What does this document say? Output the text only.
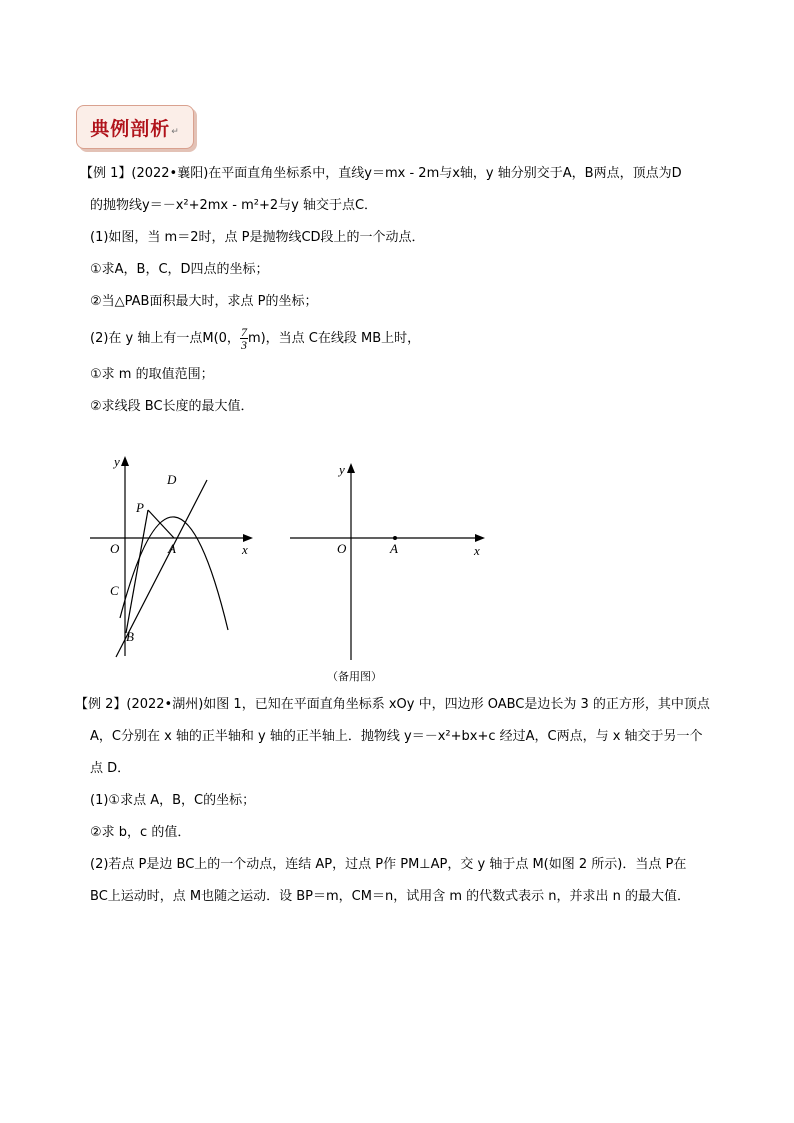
典例剖析 ↵
【例 1】(2022•襄阳)在平面直角坐标系中，直线y＝mx - 2m与x轴，y 轴分别交于A，B两点，顶点为D
的抛物线y＝－x²+2mx - m²+2与y 轴交于点C．
(1)如图，当 m＝2时，点 P是抛物线CD段上的一个动点．
①求A，B，C，D四点的坐标；
②当△PAB面积最大时，求点 P的坐标；
(2)在 y 轴上有一点M(0， $\frac{7}{3} m$)，当点 C在线段 MB上时，
①求 m 的取值范围；
②求线段 BC长度的最大值．
y
x
O
P
D
A
C
B
y
x
O	A
（备用图）
【例 2】(2022•湖州)如图 1，已知在平面直角坐标系 xOy 中，四边形 OABC是边长为 3 的正方形，其中顶点
A，C分别在 x 轴的正半轴和 y 轴的正半轴上．抛物线 y＝－x²+bx+c 经过A，C两点，与 x 轴交于另一个
点 D．
(1)①求点 A，B，C的坐标；
②求 b，c 的值．
(2)若点 P是边 BC上的一个动点，连结 AP，过点 P作 PM⊥AP，交 y 轴于点 M(如图 2 所示)．当点 P在
BC上运动时，点 M也随之运动．设 BP＝m，CM＝n，试用含 m 的代数式表示 n，并求出 n 的最大值．
